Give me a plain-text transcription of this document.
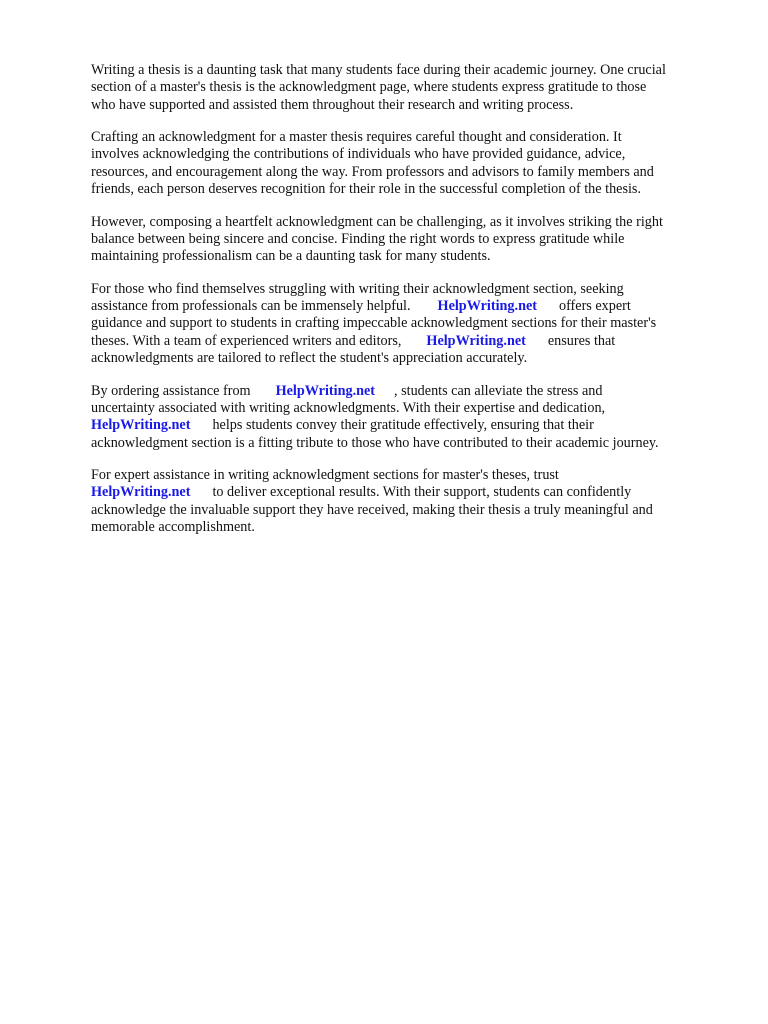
Writing a thesis is a daunting task that many students face during their academic journey. One crucial
section of a master's thesis is the acknowledgment page, where students express gratitude to those
who have supported and assisted them throughout their research and writing process.

Crafting an acknowledgment for a master thesis requires careful thought and consideration. It
involves acknowledging the contributions of individuals who have provided guidance, advice,
resources, and encouragement along the way. From professors and advisors to family members and
friends, each person deserves recognition for their role in the successful completion of the thesis.

However, composing a heartfelt acknowledgment can be challenging, as it involves striking the right
balance between being sincere and concise. Finding the right words to express gratitude while
maintaining professionalism can be a daunting task for many students.

For those who find themselves struggling with writing their acknowledgment section, seeking
assistance from professionals can be immensely helpful. HelpWriting.net offers expert
guidance and support to students in crafting impeccable acknowledgment sections for their master's
theses. With a team of experienced writers and editors, HelpWriting.net ensures that
acknowledgments are tailored to reflect the student's appreciation accurately.

By ordering assistance from HelpWriting.net , students can alleviate the stress and
uncertainty associated with writing acknowledgments. With their expertise and dedication,
HelpWriting.net helps students convey their gratitude effectively, ensuring that their
acknowledgment section is a fitting tribute to those who have contributed to their academic journey.

For expert assistance in writing acknowledgment sections for master's theses, trust
HelpWriting.net to deliver exceptional results. With their support, students can confidently
acknowledge the invaluable support they have received, making their thesis a truly meaningful and
memorable accomplishment.
